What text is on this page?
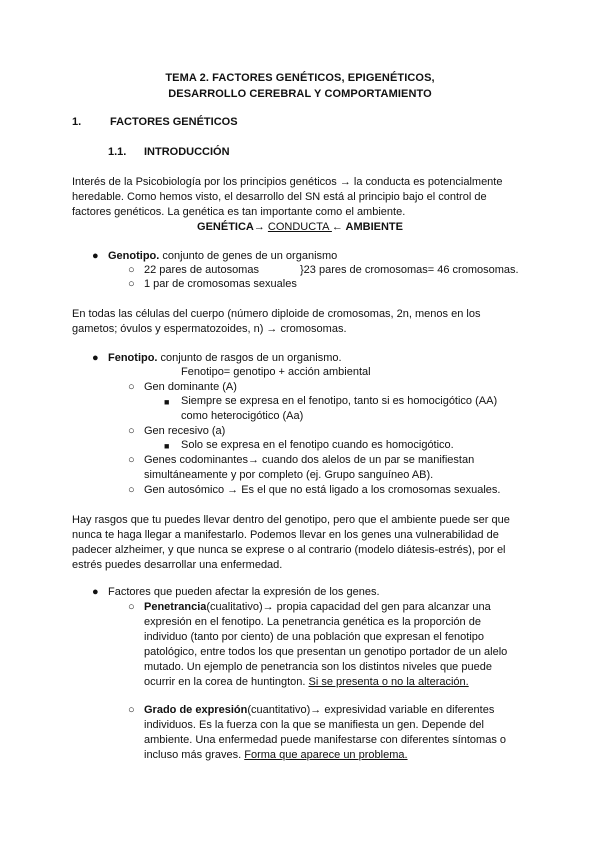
TEMA 2. FACTORES GENÉTICOS, EPIGENÉTICOS,
DESARROLLO CEREBRAL Y COMPORTAMIENTO
1.	FACTORES GENÉTICOS
1.1. INTRODUCCIÓN
Interés de la Psicobiología por los principios genéticos → la conducta es potencialmente
heredable. Como hemos visto, el desarrollo del SN está al principio bajo el control de
factores genéticos. La genética es tan importante como el ambiente.
GENÉTICA→ CONDUCTA ← AMBIENTE
● Genotipo. conjunto de genes de un organismo
○ 22 pares de autosomas	}23 pares de cromosomas= 46 cromosomas.
○ 1 par de cromosomas sexuales
En todas las células del cuerpo (número diploide de cromosomas, 2n, menos en los
gametos; óvulos y espermatozoides, n) → cromosomas.
● Fenotipo. conjunto de rasgos de un organismo.
Fenotipo= genotipo + acción ambiental
○ Gen dominante (A)
■ Siempre se expresa en el fenotipo, tanto si es homocigótico (AA)
como heterocigótico (Aa)
○ Gen recesivo (a)
■ Solo se expresa en el fenotipo cuando es homocigótico.
○ Genes codominantes→ cuando dos alelos de un par se manifiestan
simultáneamente y por completo (ej. Grupo sanguíneo AB).
○ Gen autosómico → Es el que no está ligado a los cromosomas sexuales.
Hay rasgos que tu puedes llevar dentro del genotipo, pero que el ambiente puede ser que
nunca te haga llegar a manifestarlo. Podemos llevar en los genes una vulnerabilidad de
padecer alzheimer, y que nunca se exprese o al contrario (modelo diátesis-estrés), por el
estrés puedes desarrollar una enfermedad.
● Factores que pueden afectar la expresión de los genes.
○ Penetrancia(cualitativo)→ propia capacidad del gen para alcanzar una
expresión en el fenotipo. La penetrancia genética es la proporción de
individuo (tanto por ciento) de una población que expresan el fenotipo
patológico, entre todos los que presentan un genotipo portador de un alelo
mutado. Un ejemplo de penetrancia son los distintos niveles que puede
ocurrir en la corea de huntington. Si se presenta o no la alteración.
○ Grado de expresión(cuantitativo)→ expresividad variable en diferentes
individuos. Es la fuerza con la que se manifiesta un gen. Depende del
ambiente. Una enfermedad puede manifestarse con diferentes síntomas o
incluso más graves. Forma que aparece un problema.
